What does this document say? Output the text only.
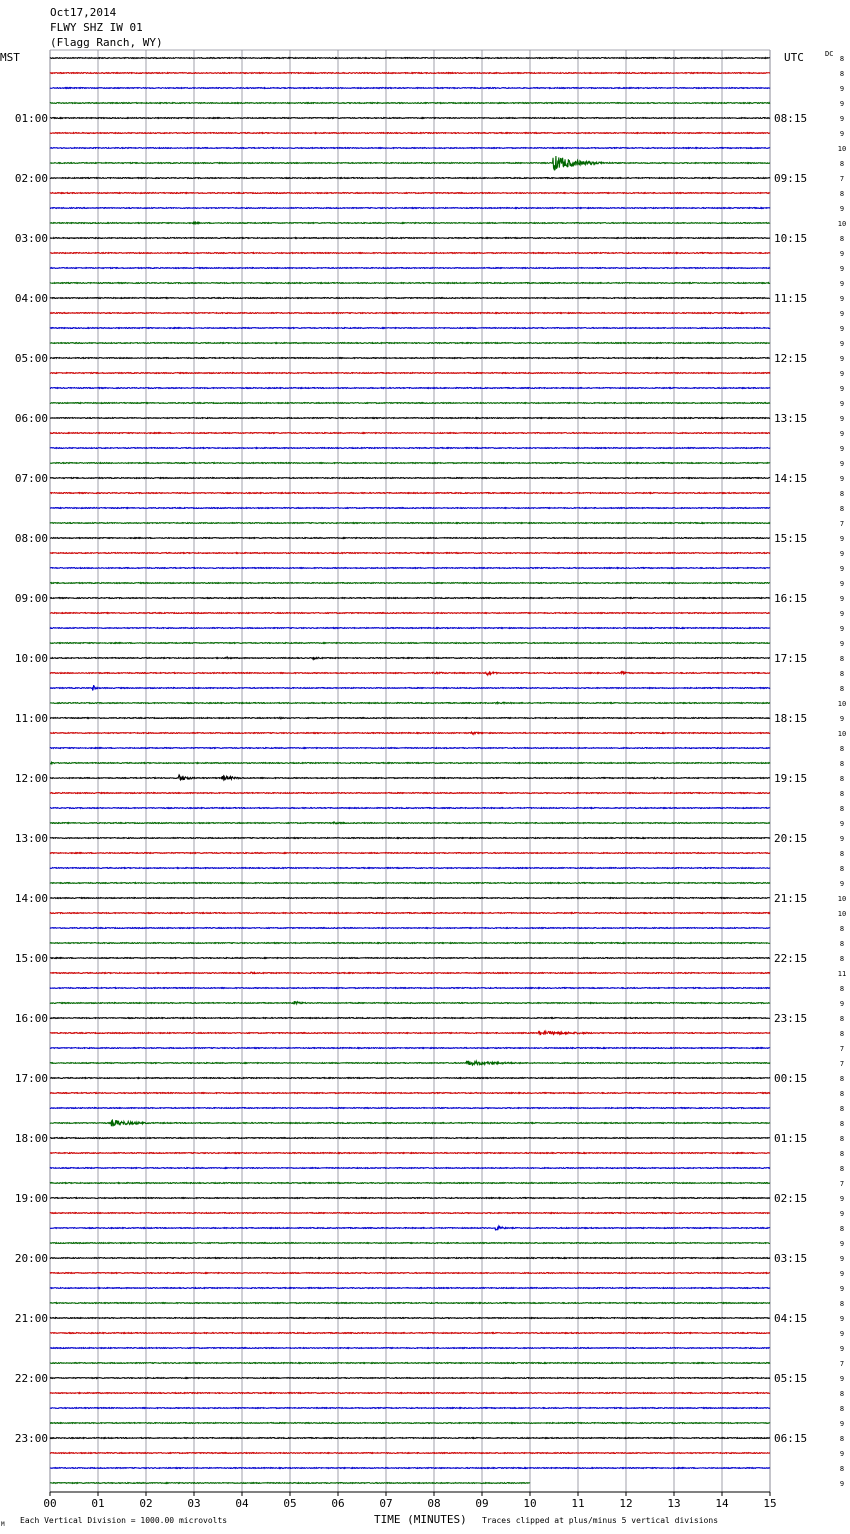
Oct17,2014
FLWY SHZ IW 01
(Flagg Ranch, WY)
MST	UTC	DC
01:00
02:00
03:00
04:00
05:00
06:00
07:00
08:00
09:00
10:00
11:00
12:00
13:00
14:00
15:00
16:00
17:00
18:00
19:00
20:00
21:00
22:00
23:00
08:15
09:15
10:15
11:15
12:15
13:15
14:15
15:15
16:15
17:15
18:15
19:15
20:15
21:15
22:15
23:15
00:15
01:15
02:15
03:15
04:15
05:15
06:15
8
8
9
9
9
9
10
8
7
8
9
10
8
9
9
9
9
9
9
9
9
9
9
9
9
9
9
9
9
8
8
7
9
9
9
9
9
9
9
9
8
8
8
10
9
10
8
8
8
8
8
9
9
8
8
9
10
10
8
8
8
11
8
9
8
8
7
7
8
8
8
8
8
8
8
7
9
9
8
9
9
9
9
8
9
9
9
7
9
8
8
9
8
9
8
9
00	01	02	03	04	05	06	07	08	09	10	11	12	13	14	15
M Each Vertical Division = 1000.00 microvolts	TIME (MINUTES) Traces clipped at plus/minus 5 vertical divisions
